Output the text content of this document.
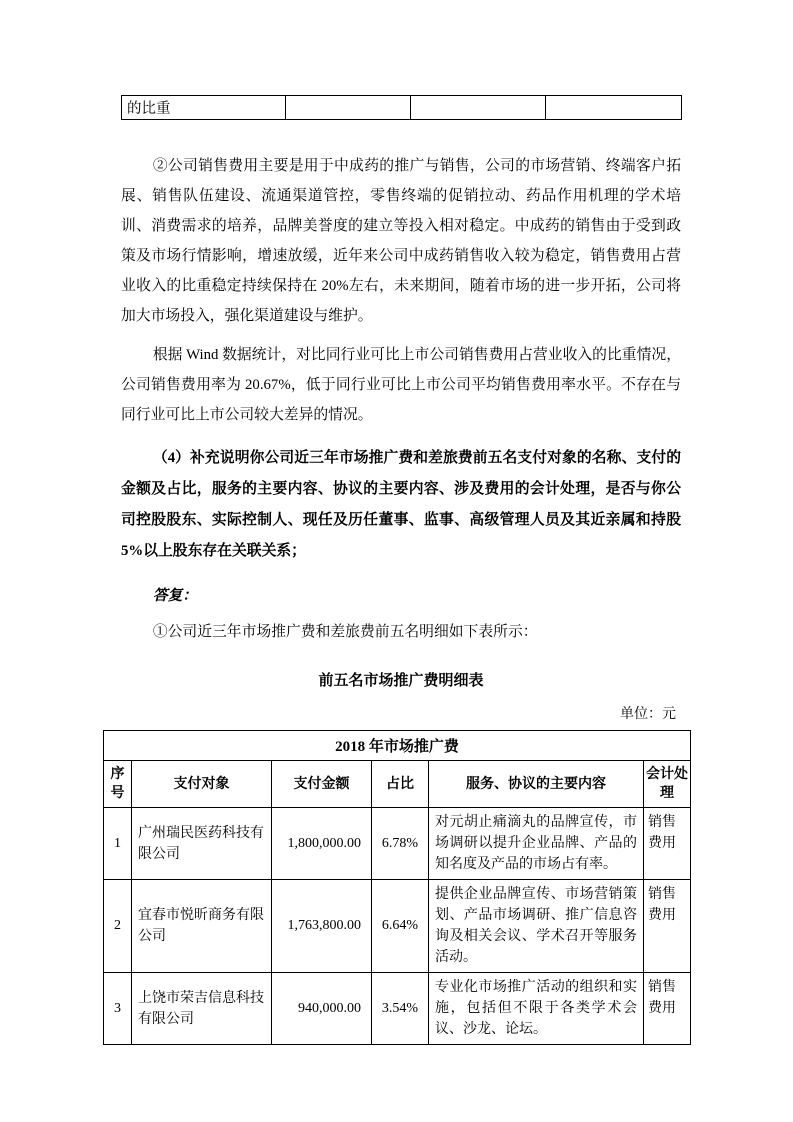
的比重			

②公司销售费用主要是用于中成药的推广与销售，公司的市场营销、终端客户拓展、销售队伍建设、流通渠道管控，零售终端的促销拉动、药品作用机理的学术培训、消费需求的培养，品牌美誉度的建立等投入相对稳定。中成药的销售由于受到政策及市场行情影响，增速放缓，近年来公司中成药销售收入较为稳定，销售费用占营业收入的比重稳定持续保持在 20%左右，未来期间，随着市场的进一步开拓，公司将加大市场投入，强化渠道建设与维护。

根据 Wind 数据统计，对比同行业可比上市公司销售费用占营业收入的比重情况，公司销售费用率为 20.67%，低于同行业可比上市公司平均销售费用率水平。不存在与同行业可比上市公司较大差异的情况。

（4）补充说明你公司近三年市场推广费和差旅费前五名支付对象的名称、支付的金额及占比，服务的主要内容、协议的主要内容、涉及费用的会计处理，是否与你公司控股股东、实际控制人、现任及历任董事、监事、高级管理人员及其近亲属和持股 5%以上股东存在关联关系；

答复：

①公司近三年市场推广费和差旅费前五名明细如下表所示：

前五名市场推广费明细表
单位：元
2018 年市场推广费					
序号	支付对象	支付金额	占比	服务、协议的主要内容	会计处理
1	广州瑞民医药科技有限公司	1,800,000.00	6.78%	对元胡止痛滴丸的品牌宣传，市场调研以提升企业品牌、产品的知名度及产品的市场占有率。	销售费用
2	宜春市悦昕商务有限公司	1,763,800.00	6.64%	提供企业品牌宣传、市场营销策划、产品市场调研、推广信息咨询及相关会议、学术召开等服务活动。	销售费用
3	上饶市荣吉信息科技有限公司	940,000.00	3.54%	专业化市场推广活动的组织和实施，包括但不限于各类学术会议、沙龙、论坛。	销售费用
